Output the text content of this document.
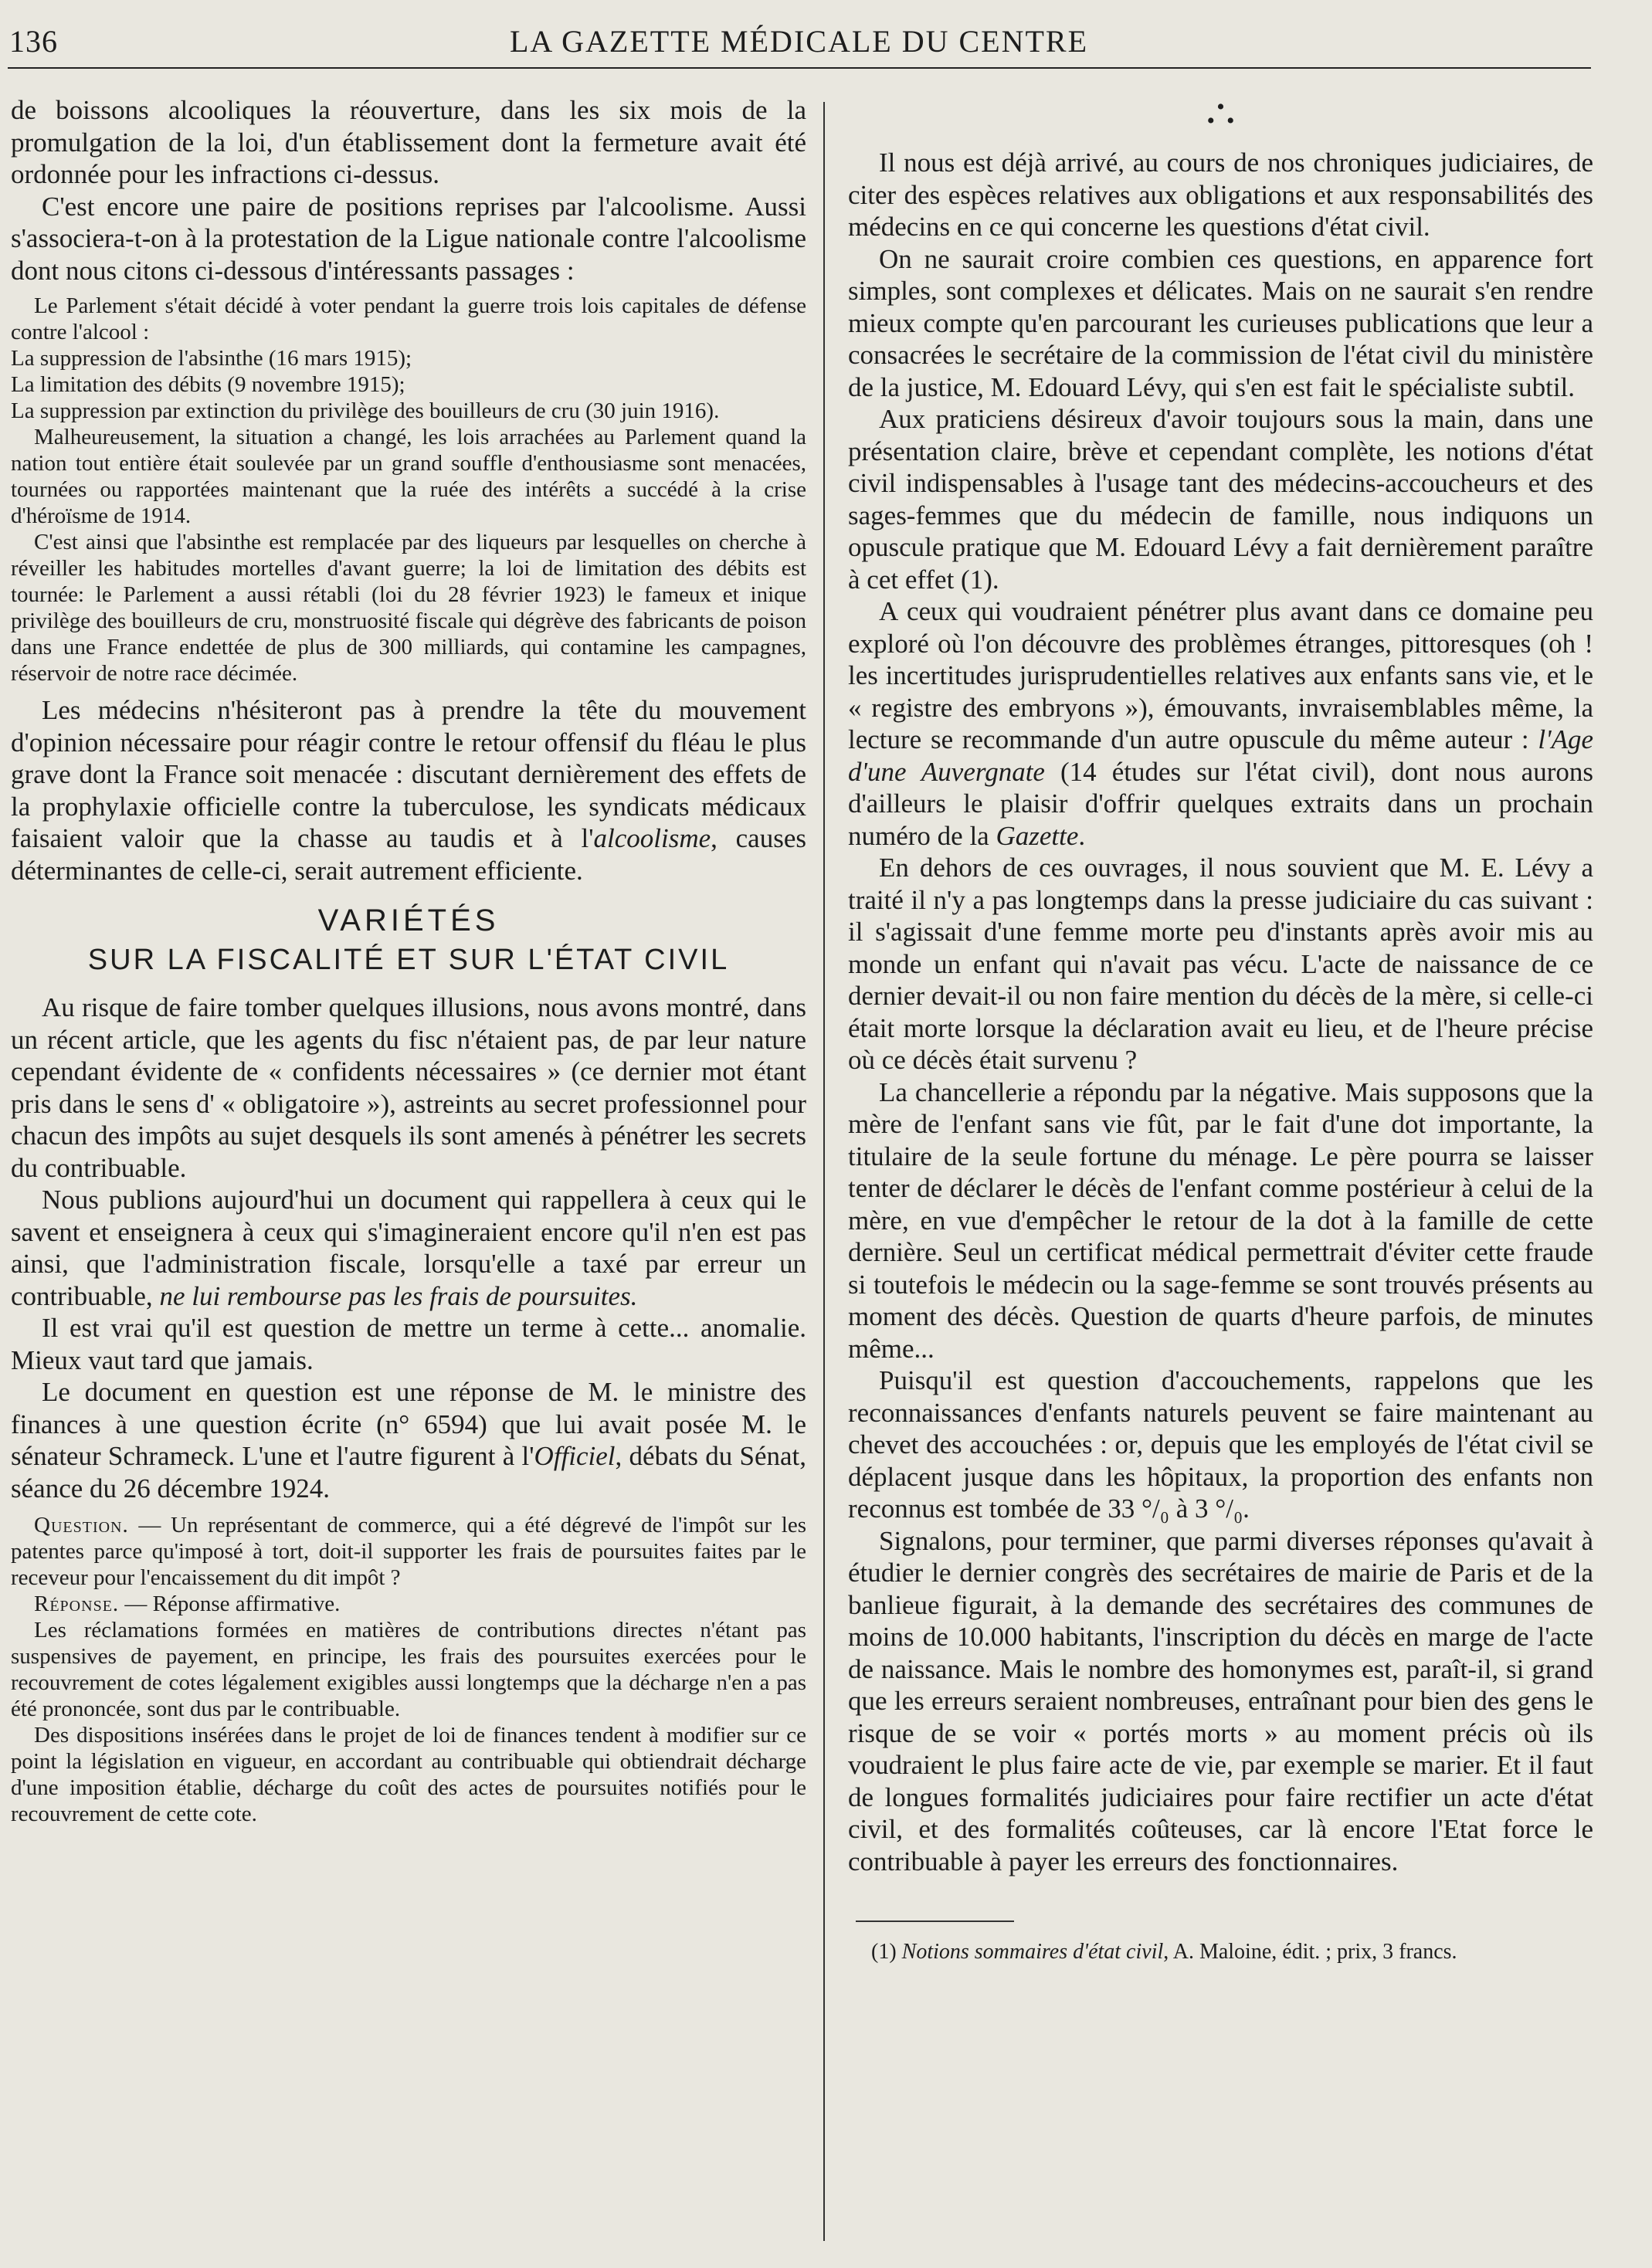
136	LA GAZETTE MÉDICALE DU CENTRE

de boissons alcooliques la réouverture, dans les six mois de la promulgation de la loi, d'un établissement dont la fermeture avait été ordonnée pour les infractions ci-dessus.

C'est encore une paire de positions reprises par l'alcoolisme. Aussi s'associera-t-on à la protestation de la Ligue nationale contre l'alcoolisme dont nous citons ci-dessous d'intéressants passages :

Le Parlement s'était décidé à voter pendant la guerre trois lois capitales de défense contre l'alcool :

La suppression de l'absinthe (16 mars 1915);

La limitation des débits (9 novembre 1915);

La suppression par extinction du privilège des bouilleurs de cru (30 juin 1916).

Malheureusement, la situation a changé, les lois arrachées au Parlement quand la nation tout entière était soulevée par un grand souffle d'enthousiasme sont menacées, tournées ou rapportées maintenant que la ruée des intérêts a succédé à la crise d'héroïsme de 1914.

C'est ainsi que l'absinthe est remplacée par des liqueurs par lesquelles on cherche à réveiller les habitudes mortelles d'avant guerre; la loi de limitation des débits est tournée: le Parlement a aussi rétabli (loi du 28 février 1923) le fameux et inique privilège des bouilleurs de cru, monstruosité fiscale qui dégrève des fabricants de poison dans une France endettée de plus de 300 milliards, qui contamine les campagnes, réservoir de notre race décimée.

Les médecins n'hésiteront pas à prendre la tête du mouvement d'opinion nécessaire pour réagir contre le retour offensif du fléau le plus grave dont la France soit menacée : discutant dernièrement des effets de la prophylaxie officielle contre la tuberculose, les syndicats médicaux faisaient valoir que la chasse au taudis et à l'alcoolisme, causes déterminantes de celle-ci, serait autrement efficiente.

VARIÉTÉS
SUR LA FISCALITÉ ET SUR L'ÉTAT CIVIL

Au risque de faire tomber quelques illusions, nous avons montré, dans un récent article, que les agents du fisc n'étaient pas, de par leur nature cependant évidente de « confidents nécessaires » (ce dernier mot étant pris dans le sens d' « obligatoire »), astreints au secret professionnel pour chacun des impôts au sujet desquels ils sont amenés à pénétrer les secrets du contribuable.

Nous publions aujourd'hui un document qui rappellera à ceux qui le savent et enseignera à ceux qui s'imagineraient encore qu'il n'en est pas ainsi, que l'administration fiscale, lorsqu'elle a taxé par erreur un contribuable, ne lui rembourse pas les frais de poursuites.

Il est vrai qu'il est question de mettre un terme à cette... anomalie. Mieux vaut tard que jamais.

Le document en question est une réponse de M. le ministre des finances à une question écrite (n° 6594) que lui avait posée M. le sénateur Schrameck. L'une et l'autre figurent à l'Officiel, débats du Sénat, séance du 26 décembre 1924.

Question. — Un représentant de commerce, qui a été dégrevé de l'impôt sur les patentes parce qu'imposé à tort, doit-il supporter les frais de poursuites faites par le receveur pour l'encaissement du dit impôt ?

Réponse. — Réponse affirmative.

Les réclamations formées en matières de contributions directes n'étant pas suspensives de payement, en principe, les frais des poursuites exercées pour le recouvrement de cotes légalement exigibles aussi longtemps que la décharge n'en a pas été prononcée, sont dus par le contribuable.

Des dispositions insérées dans le projet de loi de finances tendent à modifier sur ce point la législation en vigueur, en accordant au contribuable qui obtiendrait décharge d'une imposition établie, décharge du coût des actes de poursuites notifiés pour le recouvrement de cette cote.

•
• •

Il nous est déjà arrivé, au cours de nos chroniques judiciaires, de citer des espèces relatives aux obligations et aux responsabilités des médecins en ce qui concerne les questions d'état civil.

On ne saurait croire combien ces questions, en apparence fort simples, sont complexes et délicates. Mais on ne saurait s'en rendre mieux compte qu'en parcourant les curieuses publications que leur a consacrées le secrétaire de la commission de l'état civil du ministère de la justice, M. Edouard Lévy, qui s'en est fait le spécialiste subtil.

Aux praticiens désireux d'avoir toujours sous la main, dans une présentation claire, brève et cependant complète, les notions d'état civil indispensables à l'usage tant des médecins-accoucheurs et des sages-femmes que du médecin de famille, nous indiquons un opuscule pratique que M. Edouard Lévy a fait dernièrement paraître à cet effet (1).

A ceux qui voudraient pénétrer plus avant dans ce domaine peu exploré où l'on découvre des problèmes étranges, pittoresques (oh ! les incertitudes jurisprudentielles relatives aux enfants sans vie, et le « registre des embryons »), émouvants, invraisemblables même, la lecture se recommande d'un autre opuscule du même auteur : l'Age d'une Auvergnate (14 études sur l'état civil), dont nous aurons d'ailleurs le plaisir d'offrir quelques extraits dans un prochain numéro de la Gazette.

En dehors de ces ouvrages, il nous souvient que M. E. Lévy a traité il n'y a pas longtemps dans la presse judiciaire du cas suivant : il s'agissait d'une femme morte peu d'instants après avoir mis au monde un enfant qui n'avait pas vécu. L'acte de naissance de ce dernier devait-il ou non faire mention du décès de la mère, si celle-ci était morte lorsque la déclaration avait eu lieu, et de l'heure précise où ce décès était survenu ?

La chancellerie a répondu par la négative. Mais supposons que la mère de l'enfant sans vie fût, par le fait d'une dot importante, la titulaire de la seule fortune du ménage. Le père pourra se laisser tenter de déclarer le décès de l'enfant comme postérieur à celui de la mère, en vue d'empêcher le retour de la dot à la famille de cette dernière. Seul un certificat médical permettrait d'éviter cette fraude si toutefois le médecin ou la sage-femme se sont trouvés présents au moment des décès. Question de quarts d'heure parfois, de minutes même...

Puisqu'il est question d'accouchements, rappelons que les reconnaissances d'enfants naturels peuvent se faire maintenant au chevet des accouchées : or, depuis que les employés de l'état civil se déplacent jusque dans les hôpitaux, la proportion des enfants non reconnus est tombée de 33 °/₀ à 3 °/₀.

Signalons, pour terminer, que parmi diverses réponses qu'avait à étudier le dernier congrès des secrétaires de mairie de Paris et de la banlieue figurait, à la demande des secrétaires des communes de moins de 10.000 habitants, l'inscription du décès en marge de l'acte de naissance. Mais le nombre des homonymes est, paraît-il, si grand que les erreurs seraient nombreuses, entraînant pour bien des gens le risque de se voir « portés morts » au moment précis où ils voudraient le plus faire acte de vie, par exemple se marier. Et il faut de longues formalités judiciaires pour faire rectifier un acte d'état civil, et des formalités coûteuses, car là encore l'Etat force le contribuable à payer les erreurs des fonctionnaires.

(1) Notions sommaires d'état civil, A. Maloine, édit. ; prix, 3 francs.
